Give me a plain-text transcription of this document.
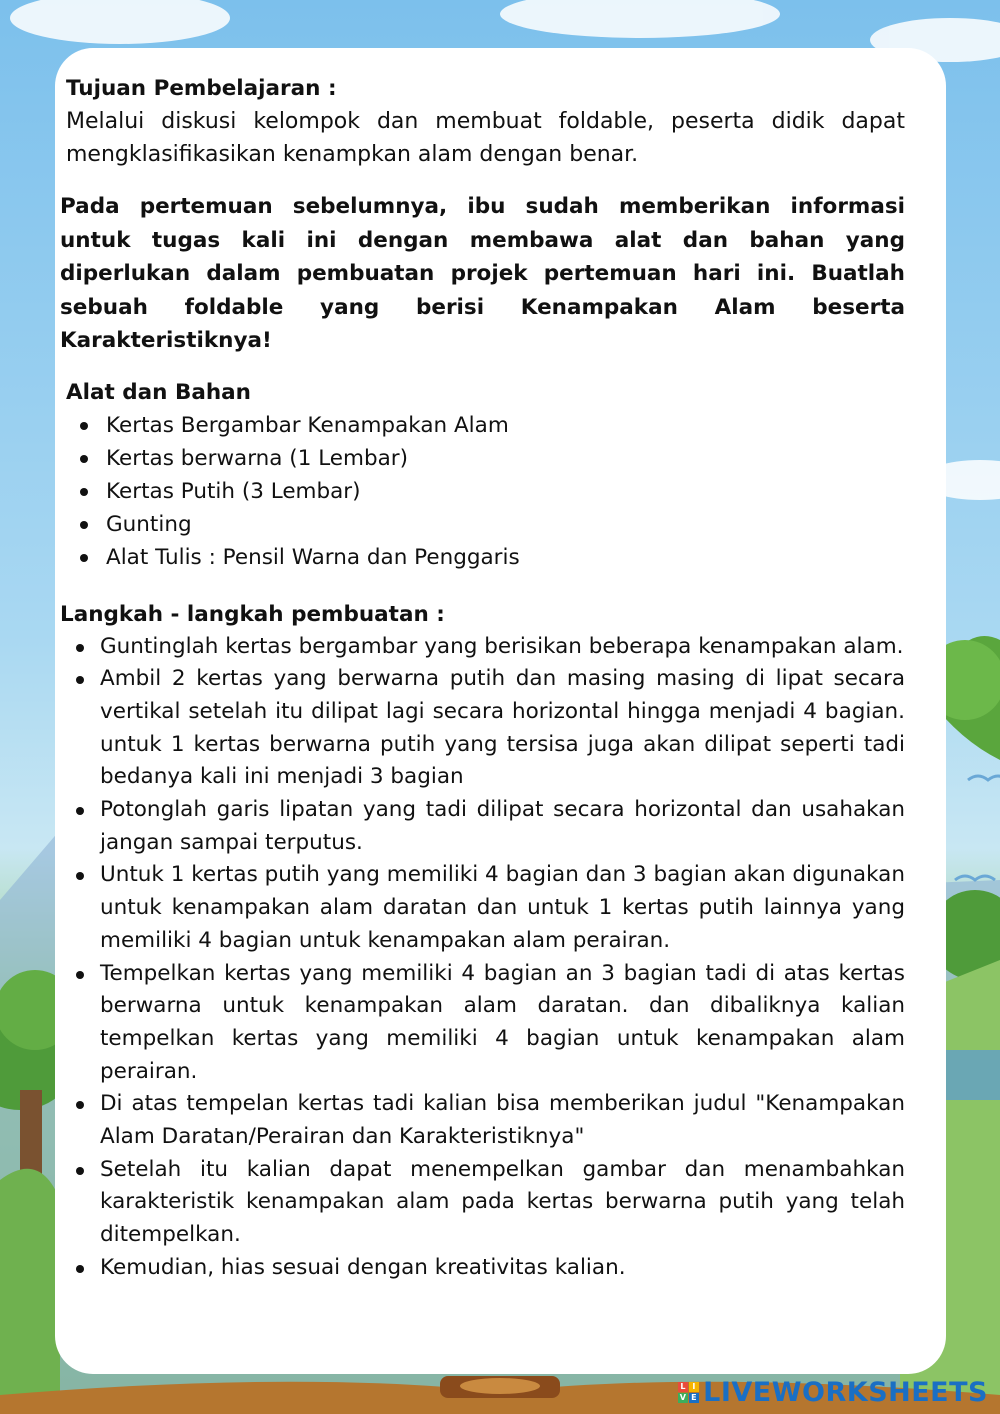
Tujuan Pembelajaran :

Melalui diskusi kelompok dan membuat foldable, peserta didik dapat mengklasifikasikan kenampkan alam dengan benar.

Pada pertemuan sebelumnya, ibu sudah memberikan informasi untuk tugas kali ini dengan membawa alat dan bahan yang diperlukan dalam pembuatan projek pertemuan hari ini. Buatlah sebuah foldable yang berisi Kenampakan Alam beserta Karakteristiknya!

Alat dan Bahan

Kertas Bergambar Kenampakan Alam
Kertas berwarna (1 Lembar)
Kertas Putih (3 Lembar)
Gunting
Alat Tulis : Pensil Warna dan Penggaris

Langkah - langkah pembuatan :

Guntinglah kertas bergambar yang berisikan beberapa kenampakan alam.
Ambil 2 kertas yang berwarna putih dan masing masing di lipat secara vertikal setelah itu dilipat lagi secara horizontal hingga menjadi 4 bagian. untuk 1 kertas berwarna putih yang tersisa juga akan dilipat seperti tadi bedanya kali ini menjadi 3 bagian
Potonglah garis lipatan yang tadi dilipat secara horizontal dan usahakan jangan sampai terputus.
Untuk 1 kertas putih yang memiliki 4 bagian dan 3 bagian akan digunakan untuk kenampakan alam daratan dan untuk 1 kertas putih lainnya yang memiliki 4 bagian untuk kenampakan alam perairan.
Tempelkan kertas yang memiliki 4 bagian an 3 bagian tadi di atas kertas berwarna untuk kenampakan alam daratan. dan dibaliknya kalian tempelkan kertas yang memiliki 4 bagian untuk kenampakan alam perairan.
Di atas tempelan kertas tadi kalian bisa memberikan judul "Kenampakan Alam Daratan/Perairan dan Karakteristiknya"
Setelah itu kalian dapat menempelkan gambar dan menambahkan karakteristik kenampakan alam pada kertas berwarna putih yang telah ditempelkan.
Kemudian, hias sesuai dengan kreativitas kalian.
L I
V E LIVEWORKSHEETS
